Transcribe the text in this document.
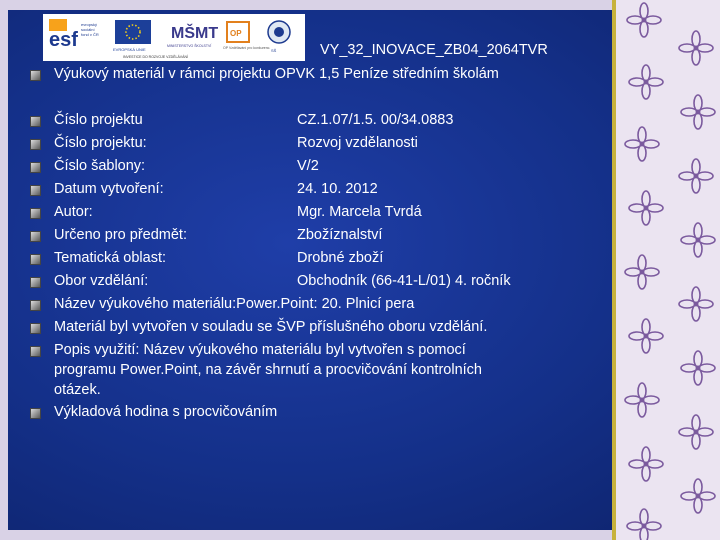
esf
evropský
sociální
fond v ČR
EVROPSKÁ UNIE
MŠMT
MINISTERSTVO ŠKOLSTVÍ
OP
OP Vzdělávání pro konkurenc. SŠ
INVESTICE DO ROZVOJE VZDĚLÁVÁNÍ	VY_32_INOVACE_ZB04_2064TVR
Výukový materiál v rámci projektu OPVK 1,5 Peníze středním školám
Číslo projektu	CZ.1.07/1.5. 00/34.0883
Číslo projektu:	Rozvoj vzdělanosti
Číslo šablony:	V/2
Datum vytvoření:	24. 10. 2012
Autor:	Mgr. Marcela Tvrdá
Určeno pro předmět:	Zbožíznalství
Tematická oblast:	Drobné zboží
Obor vzdělání:	Obchodník (66-41-L/01) 4. ročník
Název výukového materiálu:Power.Point: 20. Plnicí pera
Materiál byl vytvořen v souladu se ŠVP příslušného oboru vzdělání.
Popis využití: Název výukového materiálu byl vytvořen s pomocí
programu Power.Point, na závěr shrnutí a procvičování kontrolních
otázek.
Výkladová hodina s procvičováním
